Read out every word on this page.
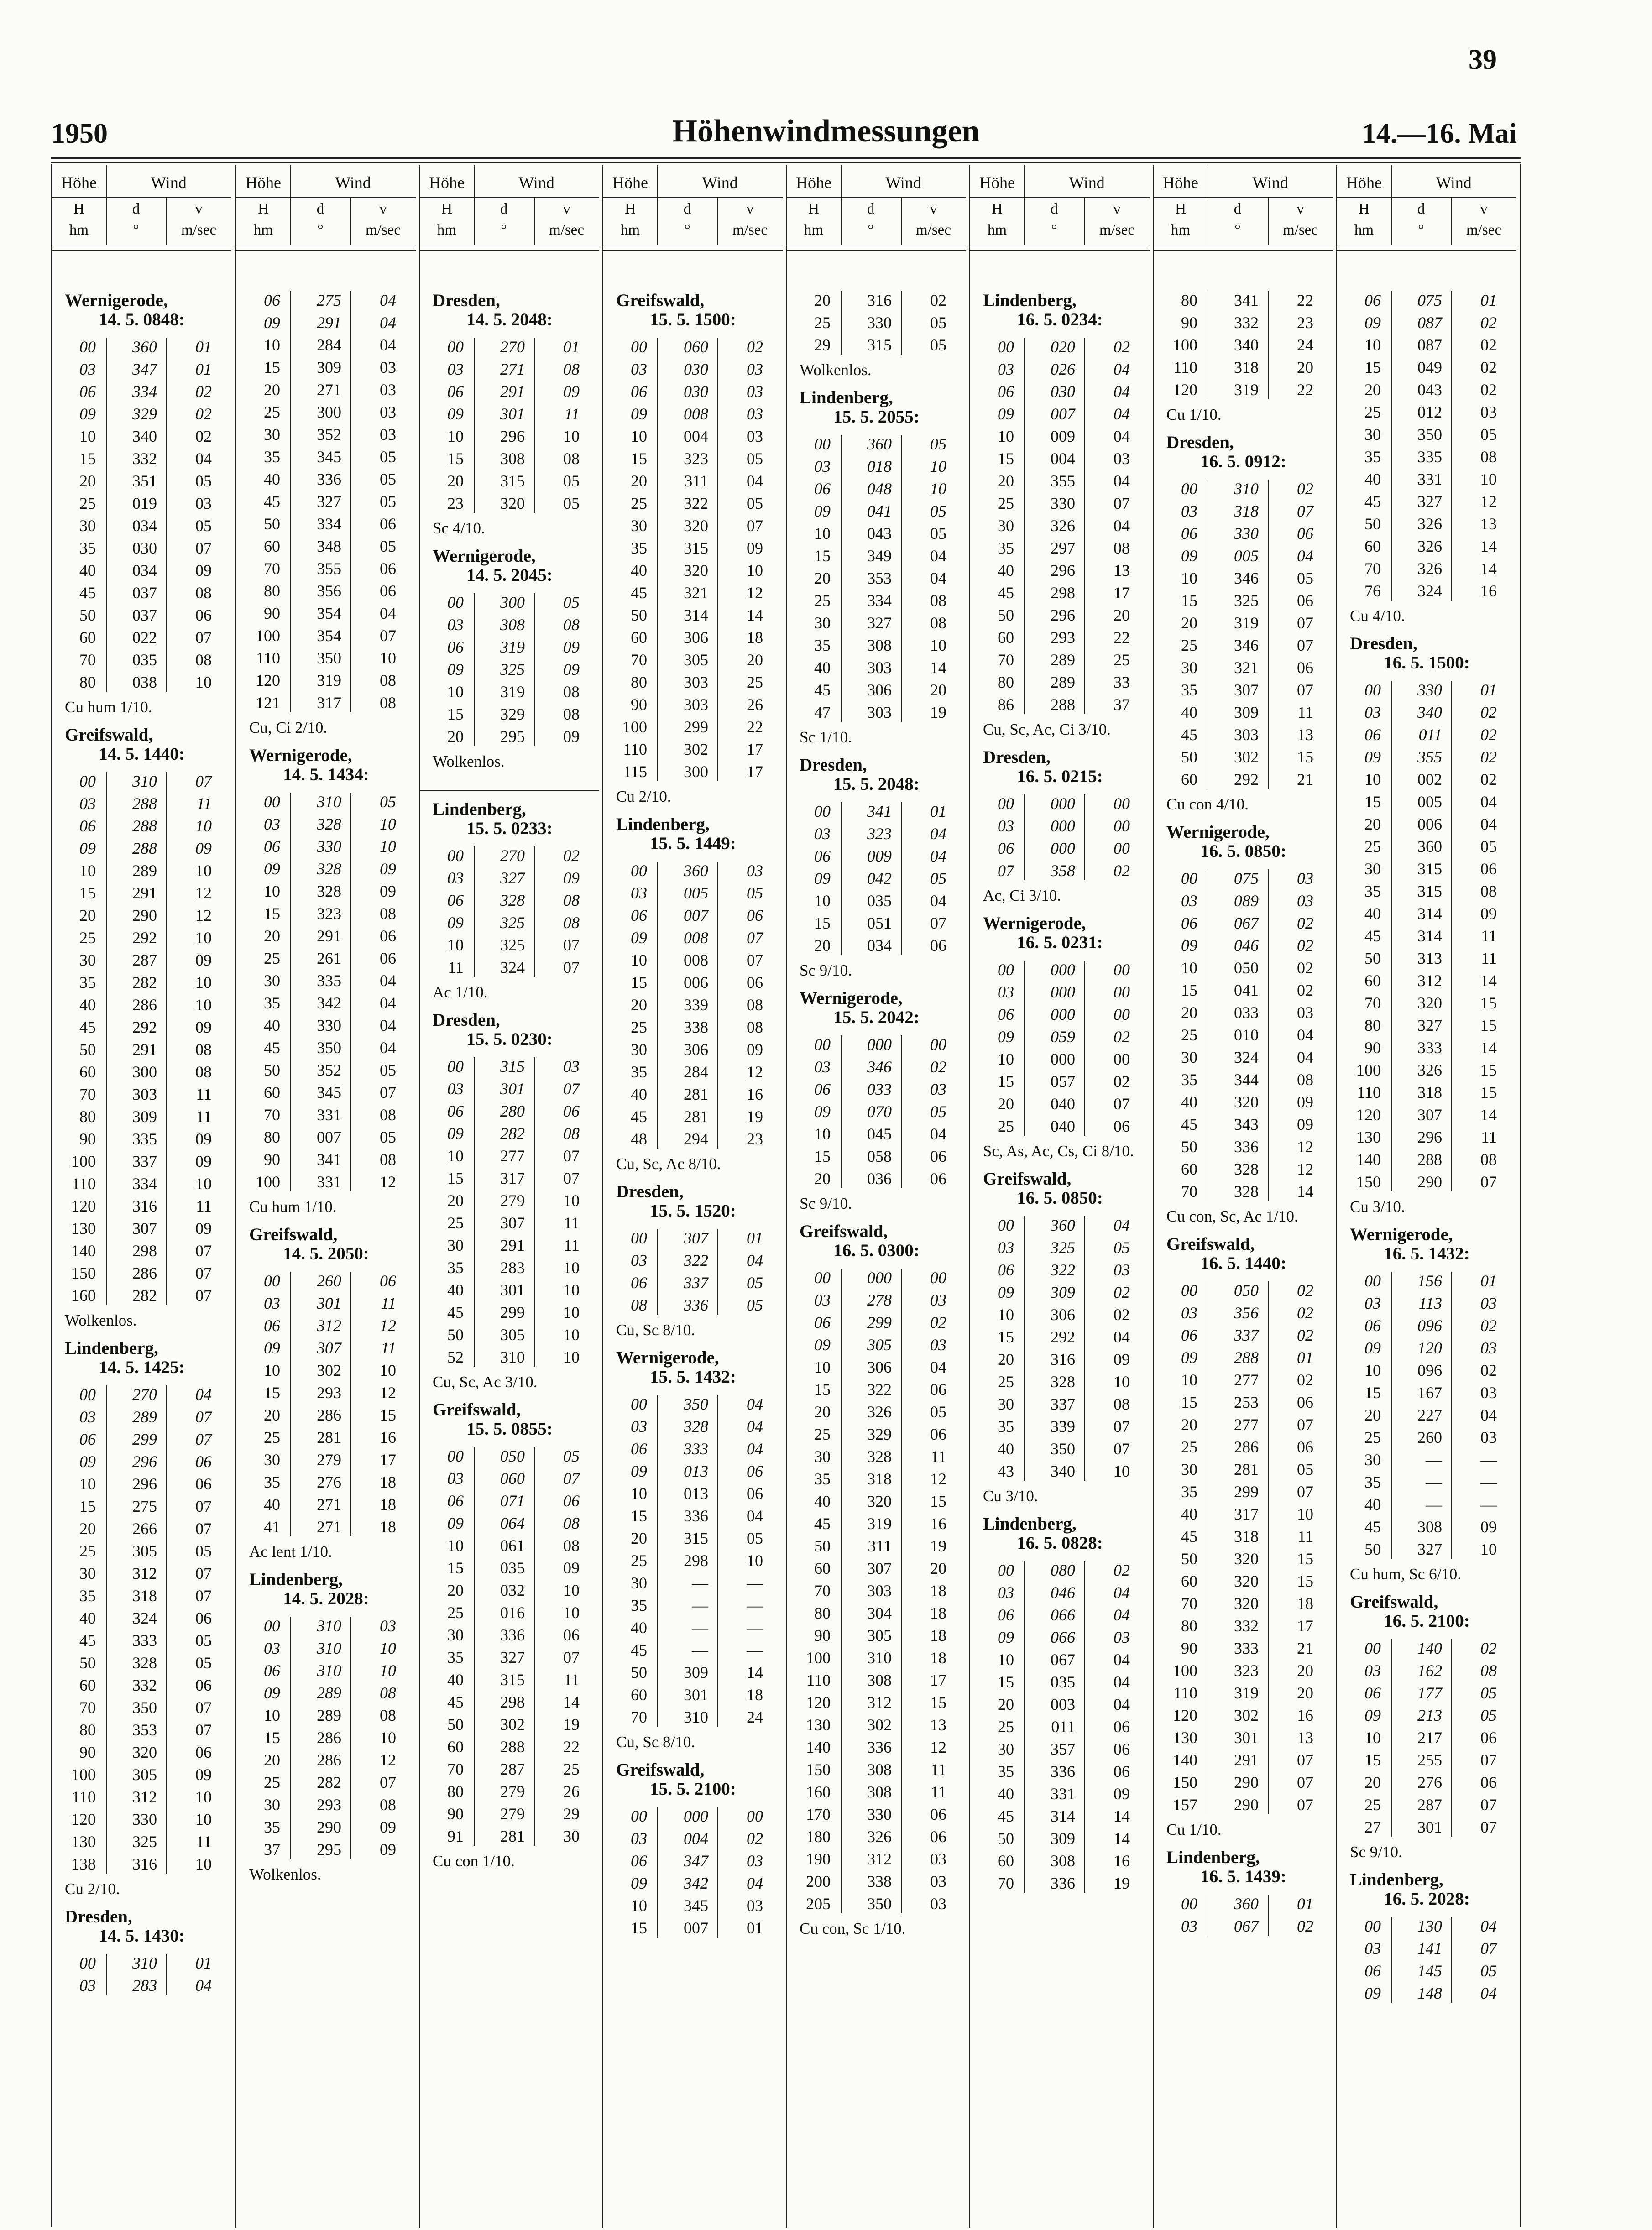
39
1950	Höhenwindmessungen	14.—16. Mai
Höhe	Wind
H	d	v
hm	°	m/sec
Wernigerode,
14. 5. 0848:
00	360	01
03	347	01
06	334	02
09	329	02
10	340	02
15	332	04
20	351	05
25	019	03
30	034	05
35	030	07
40	034	09
45	037	08
50	037	06
60	022	07
70	035	08
80	038	10
Cu hum 1/10.
Greifswald,
14. 5. 1440:
00	310	07
03	288	11
06	288	10
09	288	09
10	289	10
15	291	12
20	290	12
25	292	10
30	287	09
35	282	10
40	286	10
45	292	09
50	291	08
60	300	08
70	303	11
80	309	11
90	335	09
100	337	09
110	334	10
120	316	11
130	307	09
140	298	07
150	286	07
160	282	07
Wolkenlos.
Lindenberg,
14. 5. 1425:
00	270	04
03	289	07
06	299	07
09	296	06
10	296	06
15	275	07
20	266	07
25	305	05
30	312	07
35	318	07
40	324	06
45	333	05
50	328	05
60	332	06
70	350	07
80	353	07
90	320	06
100	305	09
110	312	10
120	330	10
130	325	11
138	316	10
Cu 2/10.
Dresden,
14. 5. 1430:
00	310	01
03	283	04
Höhe	Wind
H	d	v
hm	°	m/sec
06	275	04
09	291	04
10	284	04
15	309	03
20	271	03
25	300	03
30	352	03
35	345	05
40	336	05
45	327	05
50	334	06
60	348	05
70	355	06
80	356	06
90	354	04
100	354	07
110	350	10
120	319	08
121	317	08
Cu, Ci 2/10.
Wernigerode,
14. 5. 1434:
00	310	05
03	328	10
06	330	10
09	328	09
10	328	09
15	323	08
20	291	06
25	261	06
30	335	04
35	342	04
40	330	04
45	350	04
50	352	05
60	345	07
70	331	08
80	007	05
90	341	08
100	331	12
Cu hum 1/10.
Greifswald,
14. 5. 2050:
00	260	06
03	301	11
06	312	12
09	307	11
10	302	10
15	293	12
20	286	15
25	281	16
30	279	17
35	276	18
40	271	18
41	271	18
Ac lent 1/10.
Lindenberg,
14. 5. 2028:
00	310	03
03	310	10
06	310	10
09	289	08
10	289	08
15	286	10
20	286	12
25	282	07
30	293	08
35	290	09
37	295	09
Wolkenlos.
Höhe	Wind
H	d	v
hm	°	m/sec
Dresden,
14. 5. 2048:
00	270	01
03	271	08
06	291	09
09	301	11
10	296	10
15	308	08
20	315	05
23	320	05
Sc 4/10.
Wernigerode,
14. 5. 2045:
00	300	05
03	308	08
06	319	09
09	325	09
10	319	08
15	329	08
20	295	09
Wolkenlos.
Lindenberg,
15. 5. 0233:
00	270	02
03	327	09
06	328	08
09	325	08
10	325	07
11	324	07
Ac 1/10.
Dresden,
15. 5. 0230:
00	315	03
03	301	07
06	280	06
09	282	08
10	277	07
15	317	07
20	279	10
25	307	11
30	291	11
35	283	10
40	301	10
45	299	10
50	305	10
52	310	10
Cu, Sc, Ac 3/10.
Greifswald,
15. 5. 0855:
00	050	05
03	060	07
06	071	06
09	064	08
10	061	08
15	035	09
20	032	10
25	016	10
30	336	06
35	327	07
40	315	11
45	298	14
50	302	19
60	288	22
70	287	25
80	279	26
90	279	29
91	281	30
Cu con 1/10.
Höhe	Wind
H	d	v
hm	°	m/sec
Greifswald,
15. 5. 1500:
00	060	02
03	030	03
06	030	03
09	008	03
10	004	03
15	323	05
20	311	04
25	322	05
30	320	07
35	315	09
40	320	10
45	321	12
50	314	14
60	306	18
70	305	20
80	303	25
90	303	26
100	299	22
110	302	17
115	300	17
Cu 2/10.
Lindenberg,
15. 5. 1449:
00	360	03
03	005	05
06	007	06
09	008	07
10	008	07
15	006	06
20	339	08
25	338	08
30	306	09
35	284	12
40	281	16
45	281	19
48	294	23
Cu, Sc, Ac 8/10.
Dresden,
15. 5. 1520:
00	307	01
03	322	04
06	337	05
08	336	05
Cu, Sc 8/10.
Wernigerode,
15. 5. 1432:
00	350	04
03	328	04
06	333	04
09	013	06
10	013	06
15	336	04
20	315	05
25	298	10
30	—	—
35	—	—
40	—	—
45	—	—
50	309	14
60	301	18
70	310	24
Cu, Sc 8/10.
Greifswald,
15. 5. 2100:
00	000	00
03	004	02
06	347	03
09	342	04
10	345	03
15	007	01
Höhe	Wind
H	d	v
hm	°	m/sec
20	316	02
25	330	05
29	315	05
Wolkenlos.
Lindenberg,
15. 5. 2055:
00	360	05
03	018	10
06	048	10
09	041	05
10	043	05
15	349	04
20	353	04
25	334	08
30	327	08
35	308	10
40	303	14
45	306	20
47	303	19
Sc 1/10.
Dresden,
15. 5. 2048:
00	341	01
03	323	04
06	009	04
09	042	05
10	035	04
15	051	07
20	034	06
Sc 9/10.
Wernigerode,
15. 5. 2042:
00	000	00
03	346	02
06	033	03
09	070	05
10	045	04
15	058	06
20	036	06
Sc 9/10.
Greifswald,
16. 5. 0300:
00	000	00
03	278	03
06	299	02
09	305	03
10	306	04
15	322	06
20	326	05
25	329	06
30	328	11
35	318	12
40	320	15
45	319	16
50	311	19
60	307	20
70	303	18
80	304	18
90	305	18
100	310	18
110	308	17
120	312	15
130	302	13
140	336	12
150	308	11
160	308	11
170	330	06
180	326	06
190	312	03
200	338	03
205	350	03
Cu con, Sc 1/10.
Höhe	Wind
H	d	v
hm	°	m/sec
Lindenberg,
16. 5. 0234:
00	020	02
03	026	04
06	030	04
09	007	04
10	009	04
15	004	03
20	355	04
25	330	07
30	326	04
35	297	08
40	296	13
45	298	17
50	296	20
60	293	22
70	289	25
80	289	33
86	288	37
Cu, Sc, Ac, Ci 3/10.
Dresden,
16. 5. 0215:
00	000	00
03	000	00
06	000	00
07	358	02
Ac, Ci 3/10.
Wernigerode,
16. 5. 0231:
00	000	00
03	000	00
06	000	00
09	059	02
10	000	00
15	057	02
20	040	07
25	040	06
Sc, As, Ac, Cs, Ci 8/10.
Greifswald,
16. 5. 0850:
00	360	04
03	325	05
06	322	03
09	309	02
10	306	02
15	292	04
20	316	09
25	328	10
30	337	08
35	339	07
40	350	07
43	340	10
Cu 3/10.
Lindenberg,
16. 5. 0828:
00	080	02
03	046	04
06	066	04
09	066	03
10	067	04
15	035	04
20	003	04
25	011	06
30	357	06
35	336	06
40	331	09
45	314	14
50	309	14
60	308	16
70	336	19
Höhe	Wind
H	d	v
hm	°	m/sec
80	341	22
90	332	23
100	340	24
110	318	20
120	319	22
Cu 1/10.
Dresden,
16. 5. 0912:
00	310	02
03	318	07
06	330	06
09	005	04
10	346	05
15	325	06
20	319	07
25	346	07
30	321	06
35	307	07
40	309	11
45	303	13
50	302	15
60	292	21
Cu con 4/10.
Wernigerode,
16. 5. 0850:
00	075	03
03	089	03
06	067	02
09	046	02
10	050	02
15	041	02
20	033	03
25	010	04
30	324	04
35	344	08
40	320	09
45	343	09
50	336	12
60	328	12
70	328	14
Cu con, Sc, Ac 1/10.
Greifswald,
16. 5. 1440:
00	050	02
03	356	02
06	337	02
09	288	01
10	277	02
15	253	06
20	277	07
25	286	06
30	281	05
35	299	07
40	317	10
45	318	11
50	320	15
60	320	15
70	320	18
80	332	17
90	333	21
100	323	20
110	319	20
120	302	16
130	301	13
140	291	07
150	290	07
157	290	07
Cu 1/10.
Lindenberg,
16. 5. 1439:
00	360	01
03	067	02
Höhe	Wind
H	d	v
hm	°	m/sec
06	075	01
09	087	02
10	087	02
15	049	02
20	043	02
25	012	03
30	350	05
35	335	08
40	331	10
45	327	12
50	326	13
60	326	14
70	326	14
76	324	16
Cu 4/10.
Dresden,
16. 5. 1500:
00	330	01
03	340	02
06	011	02
09	355	02
10	002	02
15	005	04
20	006	04
25	360	05
30	315	06
35	315	08
40	314	09
45	314	11
50	313	11
60	312	14
70	320	15
80	327	15
90	333	14
100	326	15
110	318	15
120	307	14
130	296	11
140	288	08
150	290	07
Cu 3/10.
Wernigerode,
16. 5. 1432:
00	156	01
03	113	03
06	096	02
09	120	03
10	096	02
15	167	03
20	227	04
25	260	03
30	—	—
35	—	—
40	—	—
45	308	09
50	327	10
Cu hum, Sc 6/10.
Greifswald,
16. 5. 2100:
00	140	02
03	162	08
06	177	05
09	213	05
10	217	06
15	255	07
20	276	06
25	287	07
27	301	07
Sc 9/10.
Lindenberg,
16. 5. 2028:
00	130	04
03	141	07
06	145	05
09	148	04
